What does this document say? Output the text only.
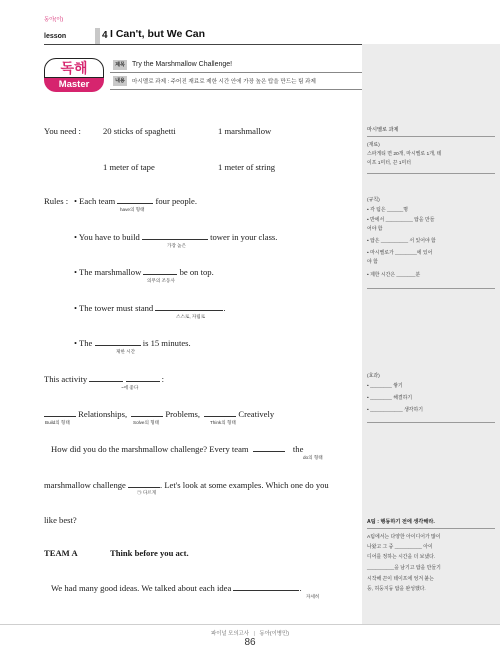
동아(이)
lesson	4 I Can't, but We Can
독해
Master
제목	Try the Marshmallow Challenge!
내용	마시멜로 과제 : 주어진 재료로 제한 시간 안에 가장 높은 탑을 만드는 팀 과제
You need :	20 sticks of spaghetti	1 marshmallow
1 meter of tape	1 meter of string
Rules : • Each team	four people.
have의 형태
• You have to build	tower in your class.
가장 높은
• The marshmallow	be on top.
의무의 조동사
• The tower must stand	.
스스로, 자립로
• The	is 15 minutes.
제한 시간
This activity	:
~에 좋다
Relationships,	Problems,	Creatively
Build의 형태	Solve의 형태	Think의 형태
How did you do the marshmallow challenge? Every team	the
do의 형태
marshmallow challenge	. Let's look at some examples. Which one do you
㉠ 다르게
like best?
TEAM A	Think before you act.
We had many good ideas. We talked about each idea	.
자세히
마시멜로 과제
(재료)
스파게티 면 20개, 마시멜로 1개, 테
이프 1미터, 끈 1미터
(규칙)
• 각 팀은 ______명
• 반에서 __________ 탑을 만들
어야 함
• 탑은 __________ 서 있어야 함
• 마시멜로가 ________에 있어
야 함
• 제한 시간은 _______분
(효과)
• ________ 쌓기
• ________ 해결하기
• ____________ 생각하기
A팀 : 행동하기 전에 생각해라.
A팀에서는 다양한 아이디어가 많이
나왔고 그 중 __________ 아이
디어를 정하는 시간을 더 보냈다.
__________을 남기고 탑을 만들기
시작해 끈이 테이프에 엉겨 붙는
등, 허둥지둥 탑을 완성했다.
파이널 모의고사 | 동아(이병민)
86
